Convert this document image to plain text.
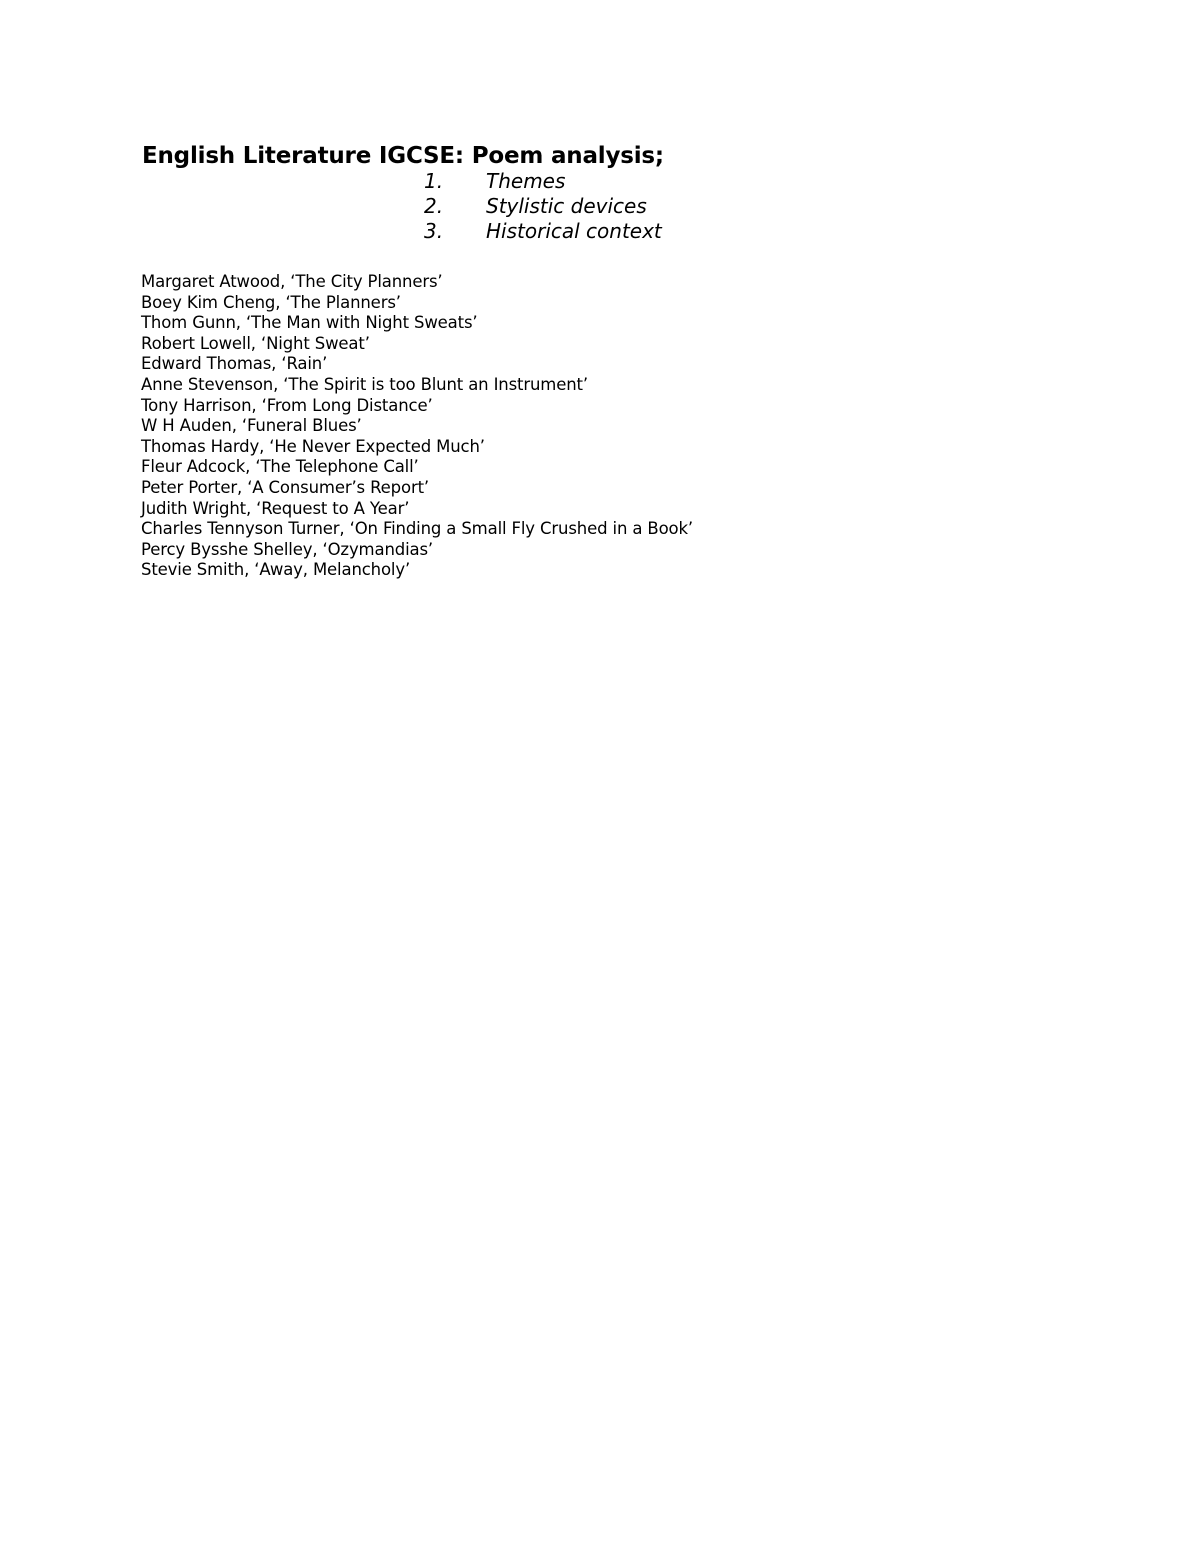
English Literature IGCSE: Poem analysis;
1. Themes
2. Stylistic devices
3. Historical context
Margaret Atwood, ‘The City Planners’
Boey Kim Cheng, ‘The Planners’
Thom Gunn, ‘The Man with Night Sweats’
Robert Lowell, ‘Night Sweat’
Edward Thomas, ‘Rain’
Anne Stevenson, ‘The Spirit is too Blunt an Instrument’
Tony Harrison, ‘From Long Distance’
W H Auden, ‘Funeral Blues’
Thomas Hardy, ‘He Never Expected Much’
Fleur Adcock, ‘The Telephone Call’
Peter Porter, ‘A Consumer’s Report’
Judith Wright, ‘Request to A Year’
Charles Tennyson Turner, ‘On Finding a Small Fly Crushed in a Book’
Percy Bysshe Shelley, ‘Ozymandias’
Stevie Smith, ‘Away, Melancholy’
